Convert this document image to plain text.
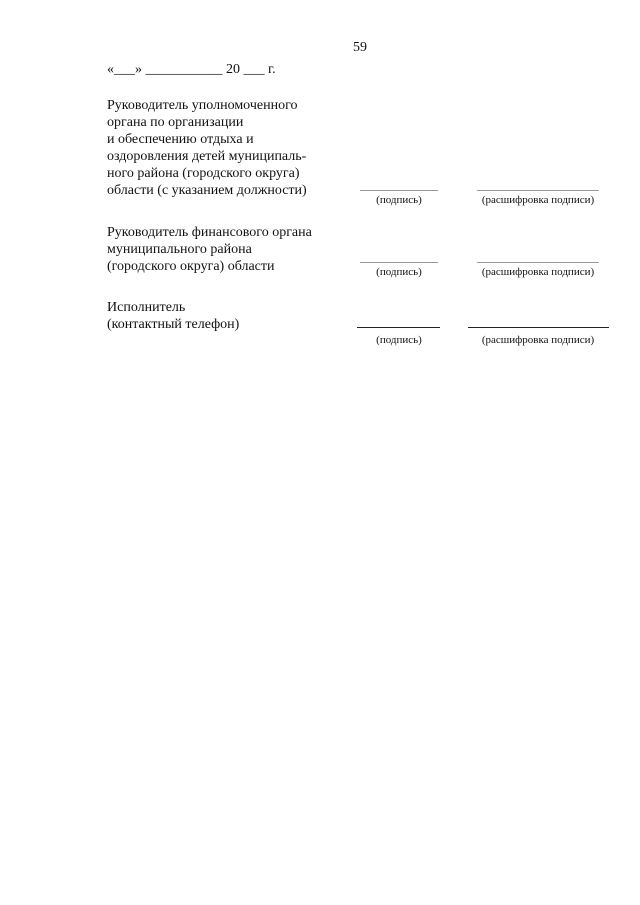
59
«___» ___________ 20 ___ г.
Руководитель уполномоченного
органа по организации
и обеспечению отдыха и
оздоровления детей муниципаль-
ного района (городского округа)
области (с указанием должности)
(подпись)	(расшифровка подписи)
Руководитель финансового органа
муниципального района
(городского округа) области	(подпись)	(расшифровка подписи)
Исполнитель
(контактный телефон)
(подпись)	(расшифровка подписи)
